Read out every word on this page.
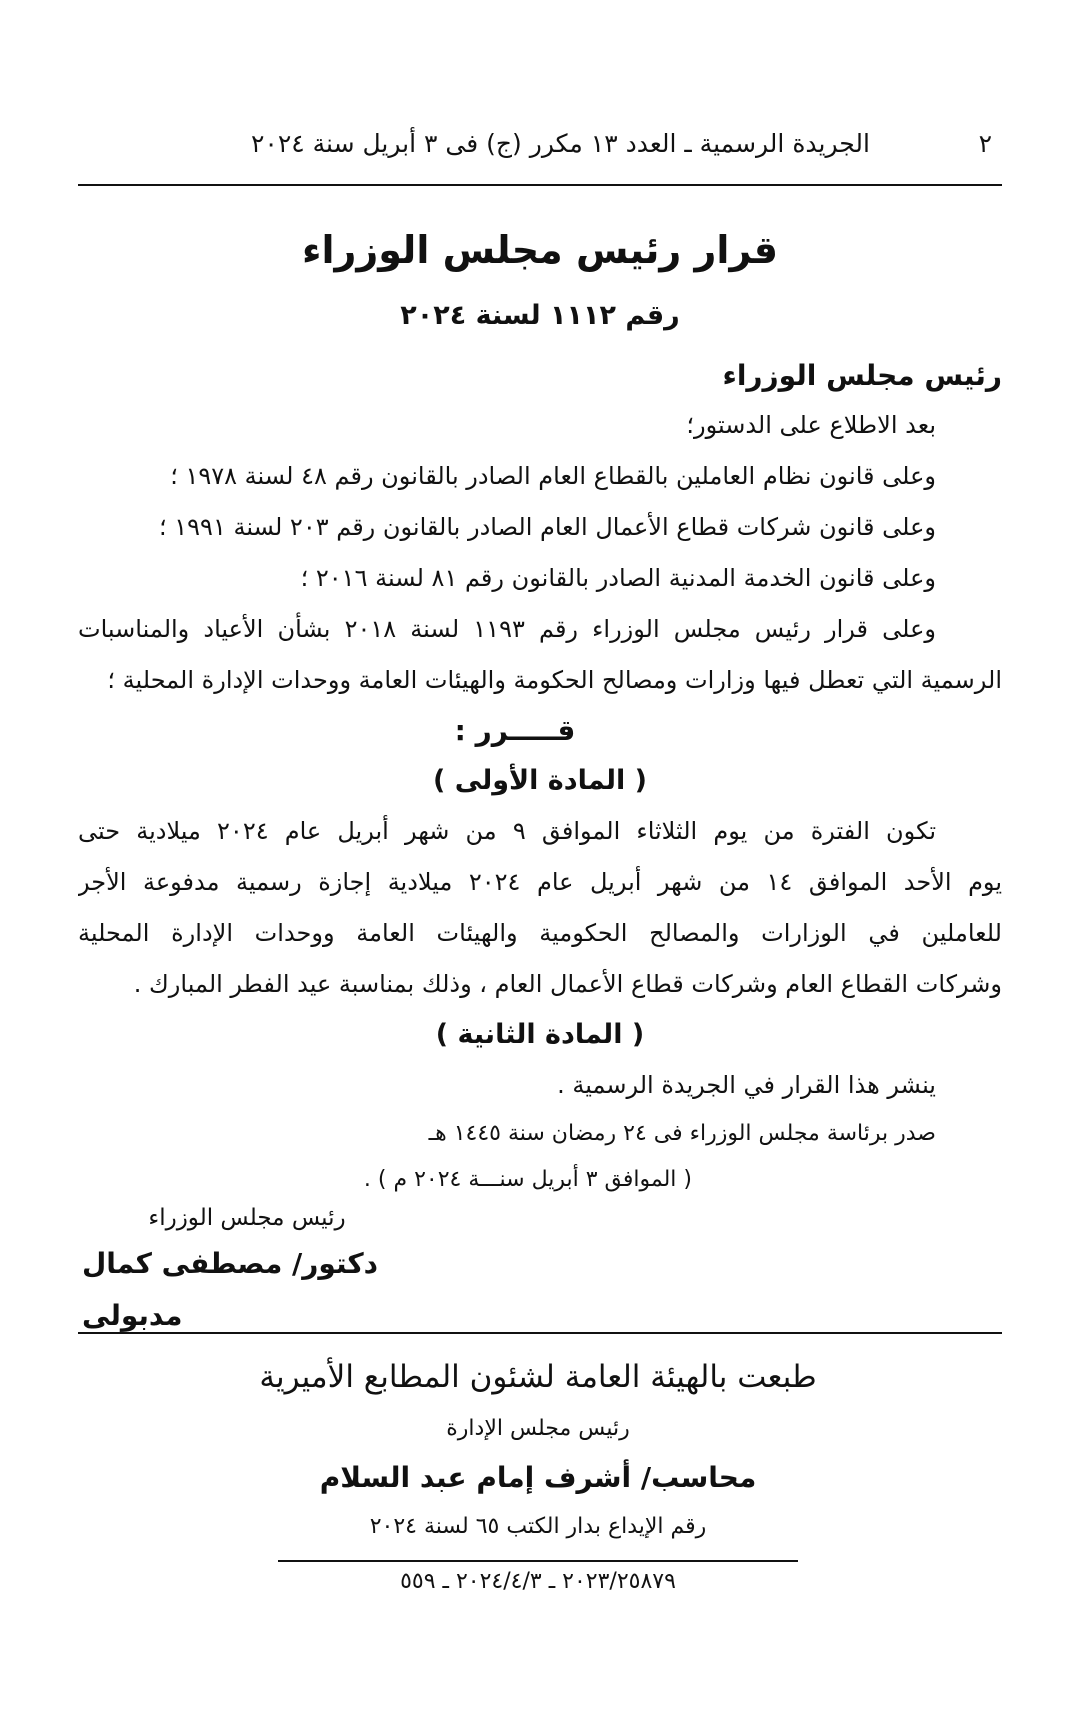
٢
الجريدة الرسمية ـ العدد ١٣ مكرر (ج) فى ٣ أبريل سنة ٢٠٢٤
قرار رئيس مجلس الوزراء
رقم ١١١٢ لسنة ٢٠٢٤
رئيس مجلس الوزراء
بعد الاطلاع على الدستور؛
وعلى قانون نظام العاملين بالقطاع العام الصادر بالقانون رقم ٤٨ لسنة ١٩٧٨ ؛
وعلى قانون شركات قطاع الأعمال العام الصادر بالقانون رقم ٢٠٣ لسنة ١٩٩١ ؛
وعلى قانون الخدمة المدنية الصادر بالقانون رقم ٨١ لسنة ٢٠١٦ ؛
وعلى قرار رئيس مجلس الوزراء رقم ١١٩٣ لسنة ٢٠١٨ بشأن الأعياد والمناسبات
الرسمية التي تعطل فيها وزارات ومصالح الحكومة والهيئات العامة ووحدات الإدارة المحلية ؛
قـــــرر :
( المادة الأولى )
تكون الفترة من يوم الثلاثاء الموافق ٩ من شهر أبريل عام ٢٠٢٤ ميلادية حتى
يوم الأحد الموافق ١٤ من شهر أبريل عام ٢٠٢٤ ميلادية إجازة رسمية مدفوعة الأجر
للعاملين في الوزارات والمصالح الحكومية والهيئات العامة ووحدات الإدارة المحلية
وشركات القطاع العام وشركات قطاع الأعمال العام ، وذلك بمناسبة عيد الفطر المبارك .
( المادة الثانية )
ينشر هذا القرار في الجريدة الرسمية .
صدر برئاسة مجلس الوزراء فى ٢٤ رمضان سنة ١٤٤٥ هـ
( الموافق ٣ أبريل سنـــة ٢٠٢٤ م ) .
رئيس مجلس الوزراء
دكتور/ مصطفى كمال مدبولى
طبعت بالهيئة العامة لشئون المطابع الأميرية
رئيس مجلس الإدارة
محاسب/ أشرف إمام عبد السلام
رقم الإيداع بدار الكتب ٦٥ لسنة ٢٠٢٤
٢٠٢٣/٢٥٨٧٩ ـ ٢٠٢٤/٤/٣ ـ ٥٥٩
